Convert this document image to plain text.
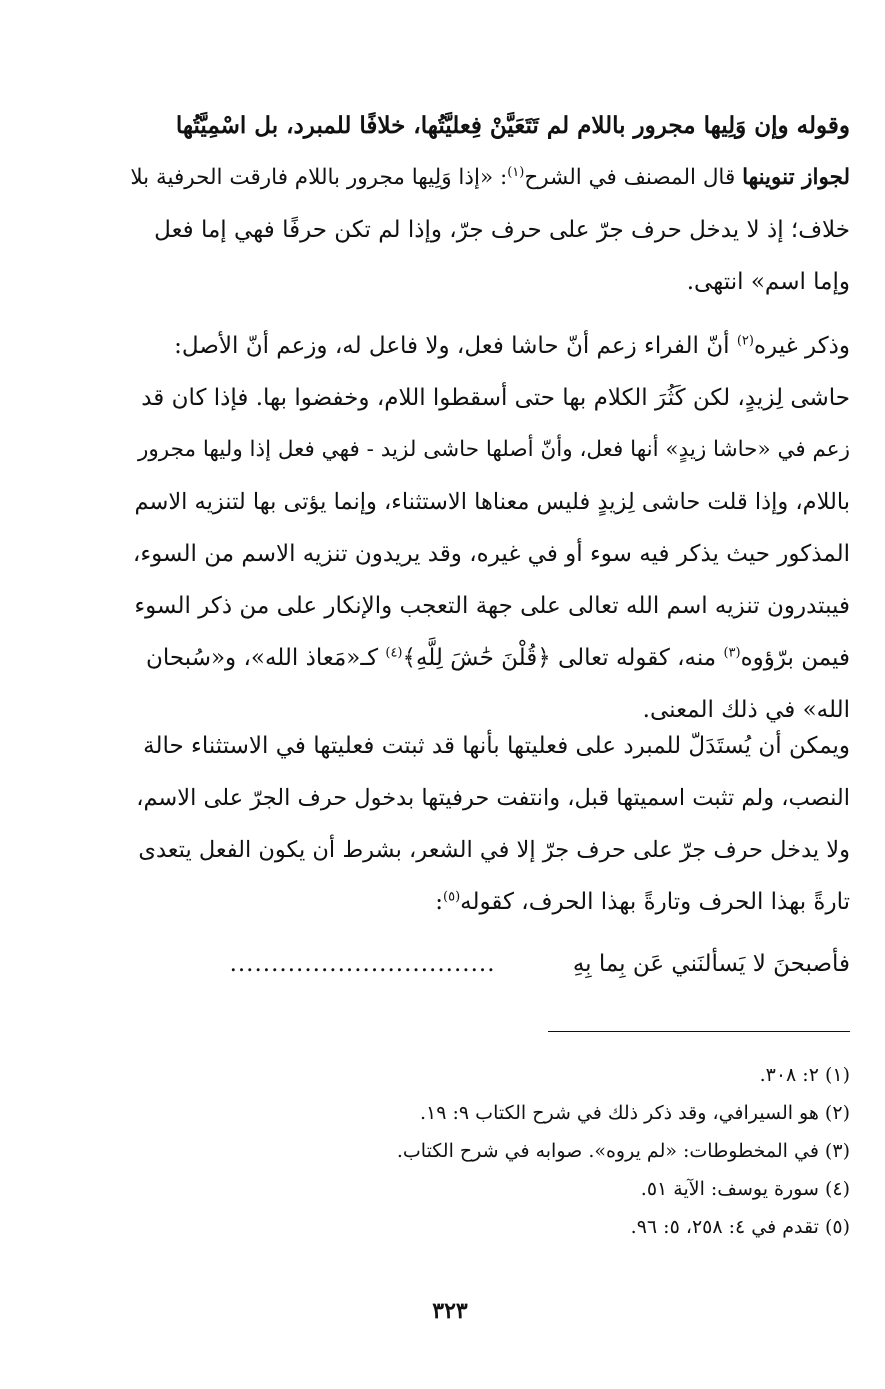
وقوله وإن وَلِيها مجرور باللام لم تَتَعَيَّنْ فِعليَّتُها، خلافًا للمبرد، بل اسْمِيَّتُها
لجواز تنوينها قال المصنف في الشرح$^{(١)}$: «إذا وَلِيها مجرور باللام فارقت الحرفية بلا
خلاف؛ إذ لا يدخل حرف جرّ على حرف جرّ، وإذا لم تكن حرفًا فهي إما فعل
وإما اسم» انتهى.
وذكر غيره$^{(٢)}$ أنّ الفراء زعم أنّ حاشا فعل، ولا فاعل له، وزعم أنّ الأصل:
حاشى لِزيدٍ، لكن كَثُرَ الكلام بها حتى أسقطوا اللام، وخفضوا بها. فإذا كان قد
زعم في «حاشا زيدٍ» أنها فعل، وأنّ أصلها حاشى لزيد - فهي فعل إذا وليها مجرور
باللام، وإذا قلت حاشى لِزيدٍ فليس معناها الاستثناء، وإنما يؤتى بها لتنزيه الاسم
المذكور حيث يذكر فيه سوء أو في غيره، وقد يريدون تنزيه الاسم من السوء،
فيبتدرون تنزيه اسم الله تعالى على جهة التعجب والإنكار على من ذكر السوء
فيمن برّؤوه$^{(٣)}$ منه، كقوله تعالى ﴿قُلْنَ حَٰشَ لِلَّهِ﴾$^{(٤)}$ كـ«مَعاذ الله»، و«سُبحان
الله» في ذلك المعنى.
ويمكن أن يُستَدَلّ للمبرد على فعليتها بأنها قد ثبتت فعليتها في الاستثناء حالة
النصب، ولم تثبت اسميتها قبل، وانتفت حرفيتها بدخول حرف الجرّ على الاسم،
ولا يدخل حرف جرّ على حرف جرّ إلا في الشعر، بشرط أن يكون الفعل يتعدى
تارةً بهذا الحرف وتارةً بهذا الحرف، كقوله$^{(٥)}$:
فأصبحنَ لا يَسألنَني عَن بِما بِهِ ................................
(١) ٢: ٣٠٨.
(٢) هو السيرافي، وقد ذكر ذلك في شرح الكتاب ٩: ١٩.
(٣) في المخطوطات: «لم يروه». صوابه في شرح الكتاب.
(٤) سورة يوسف: الآية ٥١.
(٥) تقدم في ٤: ٢٥٨، ٥: ٩٦.
٣٢٣
